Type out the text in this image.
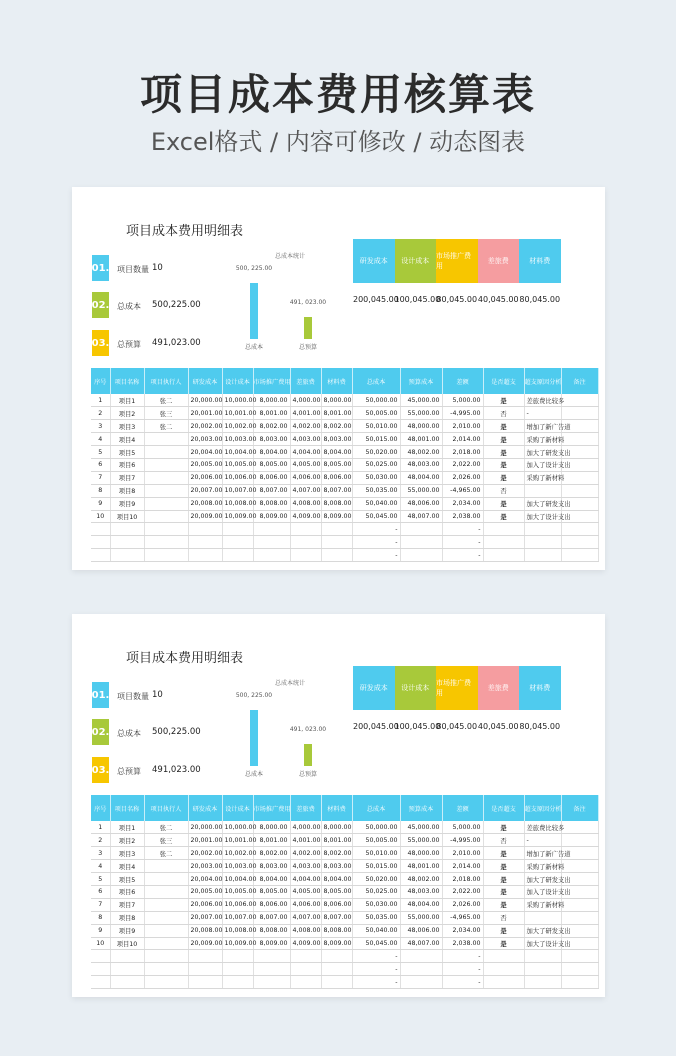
项目成本费用核算表
Excel格式 / 内容可修改 / 动态图表
项目成本费用明细表
01. 项目数量 10
02. 总成本 500,225.00
03. 总预算 491,023.00
总成本统计
500, 225.00
总成本
491, 023.00
总预算
研发成本
200,045.00
设计成本
100,045.00
市场推广费用
80,045.00
差旅费
40,045.00
材料费
80,045.00
序号	项目名称	项目执行人	研发成本	设计成本	市场推广费用	差旅费	材料费	总成本	预算成本	差额	是否超支	超支原因分析	备注
1	项目1	张二	20,000.00	10,000.00	8,000.00	4,000.00	8,000.00	50,000.00	45,000.00	5,000.00	是	差旅费比较多	
2	项目2	张三	20,001.00	10,001.00	8,001.00	4,001.00	8,001.00	50,005.00	55,000.00	-4,995.00	否	-	
3	项目3	张二	20,002.00	10,002.00	8,002.00	4,002.00	8,002.00	50,010.00	48,000.00	2,010.00	是	增加了新广告道	
4	项目4		20,003.00	10,003.00	8,003.00	4,003.00	8,003.00	50,015.00	48,001.00	2,014.00	是	采购了新材料	
5	项目5		20,004.00	10,004.00	8,004.00	4,004.00	8,004.00	50,020.00	48,002.00	2,018.00	是	加大了研发支出	
6	项目6		20,005.00	10,005.00	8,005.00	4,005.00	8,005.00	50,025.00	48,003.00	2,022.00	是	加入了设计支出	
7	项目7		20,006.00	10,006.00	8,006.00	4,006.00	8,006.00	50,030.00	48,004.00	2,026.00	是	采购了新材料	
8	项目8		20,007.00	10,007.00	8,007.00	4,007.00	8,007.00	50,035.00	55,000.00	-4,965.00	否		
9	项目9		20,008.00	10,008.00	8,008.00	4,008.00	8,008.00	50,040.00	48,006.00	2,034.00	是	加大了研发支出	
10	项目10		20,009.00	10,009.00	8,009.00	4,009.00	8,009.00	50,045.00	48,007.00	2,038.00	是	加大了设计支出	
								-		-			
								-		-			
								-		-			
项目成本费用明细表
01. 项目数量 10
02. 总成本 500,225.00
03. 总预算 491,023.00
总成本统计
500, 225.00
总成本
491, 023.00
总预算
研发成本
200,045.00
设计成本
100,045.00
市场推广费用
80,045.00
差旅费
40,045.00
材料费
80,045.00
序号	项目名称	项目执行人	研发成本	设计成本	市场推广费用	差旅费	材料费	总成本	预算成本	差额	是否超支	超支原因分析	备注
1	项目1	张二	20,000.00	10,000.00	8,000.00	4,000.00	8,000.00	50,000.00	45,000.00	5,000.00	是	差旅费比较多	
2	项目2	张三	20,001.00	10,001.00	8,001.00	4,001.00	8,001.00	50,005.00	55,000.00	-4,995.00	否	-	
3	项目3	张二	20,002.00	10,002.00	8,002.00	4,002.00	8,002.00	50,010.00	48,000.00	2,010.00	是	增加了新广告道	
4	项目4		20,003.00	10,003.00	8,003.00	4,003.00	8,003.00	50,015.00	48,001.00	2,014.00	是	采购了新材料	
5	项目5		20,004.00	10,004.00	8,004.00	4,004.00	8,004.00	50,020.00	48,002.00	2,018.00	是	加大了研发支出	
6	项目6		20,005.00	10,005.00	8,005.00	4,005.00	8,005.00	50,025.00	48,003.00	2,022.00	是	加入了设计支出	
7	项目7		20,006.00	10,006.00	8,006.00	4,006.00	8,006.00	50,030.00	48,004.00	2,026.00	是	采购了新材料	
8	项目8		20,007.00	10,007.00	8,007.00	4,007.00	8,007.00	50,035.00	55,000.00	-4,965.00	否		
9	项目9		20,008.00	10,008.00	8,008.00	4,008.00	8,008.00	50,040.00	48,006.00	2,034.00	是	加大了研发支出	
10	项目10		20,009.00	10,009.00	8,009.00	4,009.00	8,009.00	50,045.00	48,007.00	2,038.00	是	加大了设计支出	
								-		-			
								-		-			
								-		-			
